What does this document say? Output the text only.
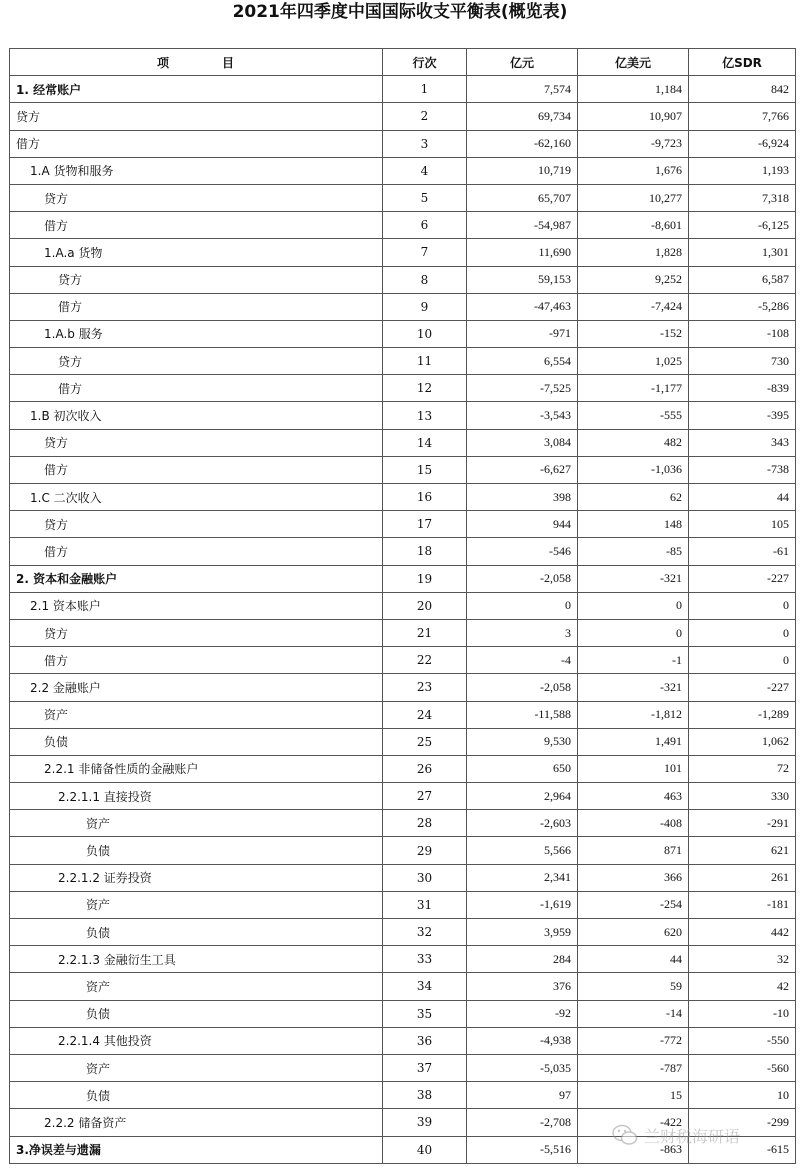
2021年四季度中国国际收支平衡表(概览表)
项　　　　目	行次	亿元	亿美元	亿SDR
1. 经常账户	1	7,574	1,184	842
贷方	2	69,734	10,907	7,766
借方	3	-62,160	-9,723	-6,924
1.A 货物和服务	4	10,719	1,676	1,193
贷方	5	65,707	10,277	7,318
借方	6	-54,987	-8,601	-6,125
1.A.a 货物	7	11,690	1,828	1,301
贷方	8	59,153	9,252	6,587
借方	9	-47,463	-7,424	-5,286
1.A.b 服务	10	-971	-152	-108
贷方	11	6,554	1,025	730
借方	12	-7,525	-1,177	-839
1.B 初次收入	13	-3,543	-555	-395
贷方	14	3,084	482	343
借方	15	-6,627	-1,036	-738
1.C 二次收入	16	398	62	44
贷方	17	944	148	105
借方	18	-546	-85	-61
2. 资本和金融账户	19	-2,058	-321	-227
2.1 资本账户	20	0	0	0
贷方	21	3	0	0
借方	22	-4	-1	0
2.2 金融账户	23	-2,058	-321	-227
资产	24	-11,588	-1,812	-1,289
负债	25	9,530	1,491	1,062
2.2.1 非储备性质的金融账户	26	650	101	72
2.2.1.1 直接投资	27	2,964	463	330
资产	28	-2,603	-408	-291
负债	29	5,566	871	621
2.2.1.2 证券投资	30	2,341	366	261
资产	31	-1,619	-254	-181
负债	32	3,959	620	442
2.2.1.3 金融衍生工具	33	284	44	32
资产	34	376	59	42
负债	35	-92	-14	-10
2.2.1.4 其他投资	36	-4,938	-772	-550
资产	37	-5,035	-787	-560
负债	38	97	15	10
2.2.2 储备资产	39	-2,708	-422	-299
3.净误差与遗漏	40	-5,516	-863	-615
兰财税海研语
